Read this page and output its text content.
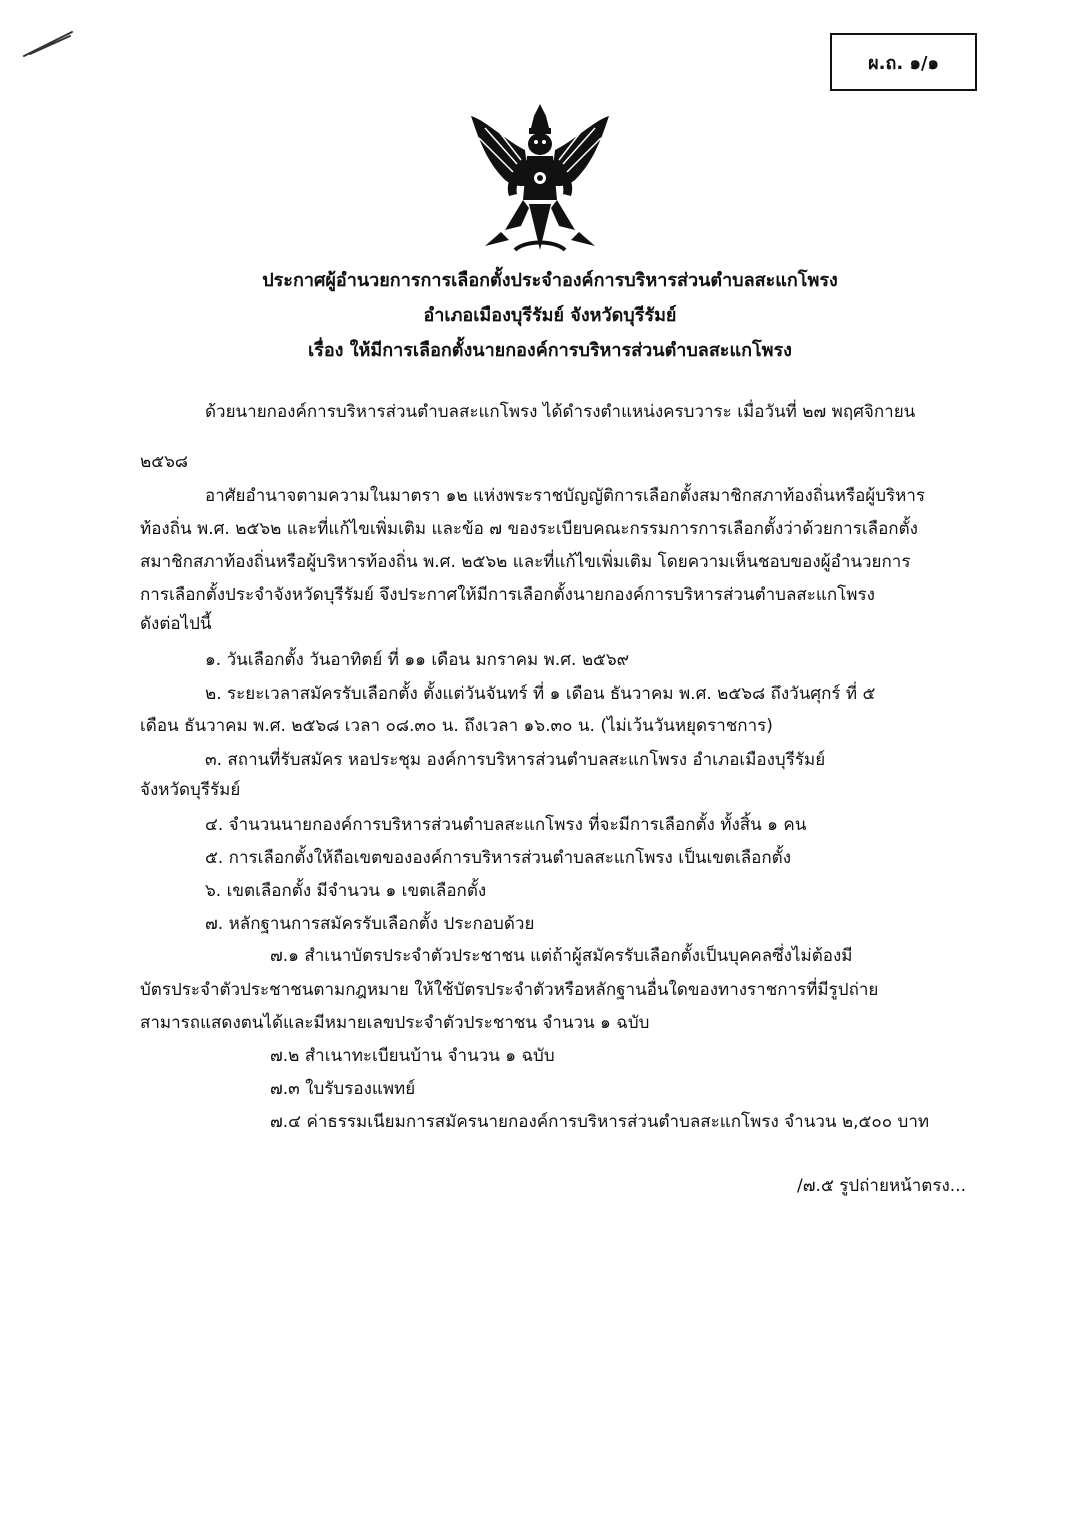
ผ.ถ. ๑/๑
ประกาศผู้อำนวยการการเลือกตั้งประจำองค์การบริหารส่วนตำบลสะแกโพรง
อำเภอเมืองบุรีรัมย์ จังหวัดบุรีรัมย์
เรื่อง ให้มีการเลือกตั้งนายกองค์การบริหารส่วนตำบลสะแกโพรง
ด้วยนายกองค์การบริหารส่วนตำบลสะแกโพรง ได้ดำรงตำแหน่งครบวาระ เมื่อวันที่ ๒๗ พฤศจิกายน
๒๕๖๘
อาศัยอำนาจตามความในมาตรา ๑๒ แห่งพระราชบัญญัติการเลือกตั้งสมาชิกสภาท้องถิ่นหรือผู้บริหาร
ท้องถิ่น พ.ศ. ๒๕๖๒ และที่แก้ไขเพิ่มเติม และข้อ ๗ ของระเบียบคณะกรรมการการเลือกตั้งว่าด้วยการเลือกตั้ง
สมาชิกสภาท้องถิ่นหรือผู้บริหารท้องถิ่น พ.ศ. ๒๕๖๒ และที่แก้ไขเพิ่มเติม โดยความเห็นชอบของผู้อำนวยการ
การเลือกตั้งประจำจังหวัดบุรีรัมย์ จึงประกาศให้มีการเลือกตั้งนายกองค์การบริหารส่วนตำบลสะแกโพรง
ดังต่อไปนี้
๑. วันเลือกตั้ง วันอาทิตย์ ที่ ๑๑ เดือน มกราคม พ.ศ. ๒๕๖๙
๒. ระยะเวลาสมัครรับเลือกตั้ง ตั้งแต่วันจันทร์ ที่ ๑ เดือน ธันวาคม พ.ศ. ๒๕๖๘ ถึงวันศุกร์ ที่ ๕
เดือน ธันวาคม พ.ศ. ๒๕๖๘ เวลา ๐๘.๓๐ น. ถึงเวลา ๑๖.๓๐ น. (ไม่เว้นวันหยุดราชการ)
๓. สถานที่รับสมัคร หอประชุม องค์การบริหารส่วนตำบลสะแกโพรง อำเภอเมืองบุรีรัมย์
จังหวัดบุรีรัมย์
๔. จำนวนนายกองค์การบริหารส่วนตำบลสะแกโพรง ที่จะมีการเลือกตั้ง ทั้งสิ้น ๑ คน
๕. การเลือกตั้งให้ถือเขตขององค์การบริหารส่วนตำบลสะแกโพรง เป็นเขตเลือกตั้ง
๖. เขตเลือกตั้ง มีจำนวน ๑ เขตเลือกตั้ง
๗. หลักฐานการสมัครรับเลือกตั้ง ประกอบด้วย
๗.๑ สำเนาบัตรประจำตัวประชาชน แต่ถ้าผู้สมัครรับเลือกตั้งเป็นบุคคลซึ่งไม่ต้องมี
บัตรประจำตัวประชาชนตามกฎหมาย ให้ใช้บัตรประจำตัวหรือหลักฐานอื่นใดของทางราชการที่มีรูปถ่าย
สามารถแสดงตนได้และมีหมายเลขประจำตัวประชาชน จำนวน ๑ ฉบับ
๗.๒ สำเนาทะเบียนบ้าน จำนวน ๑ ฉบับ
๗.๓ ใบรับรองแพทย์
๗.๔ ค่าธรรมเนียมการสมัครนายกองค์การบริหารส่วนตำบลสะแกโพรง จำนวน ๒,๕๐๐ บาท
/๗.๕ รูปถ่ายหน้าตรง...
